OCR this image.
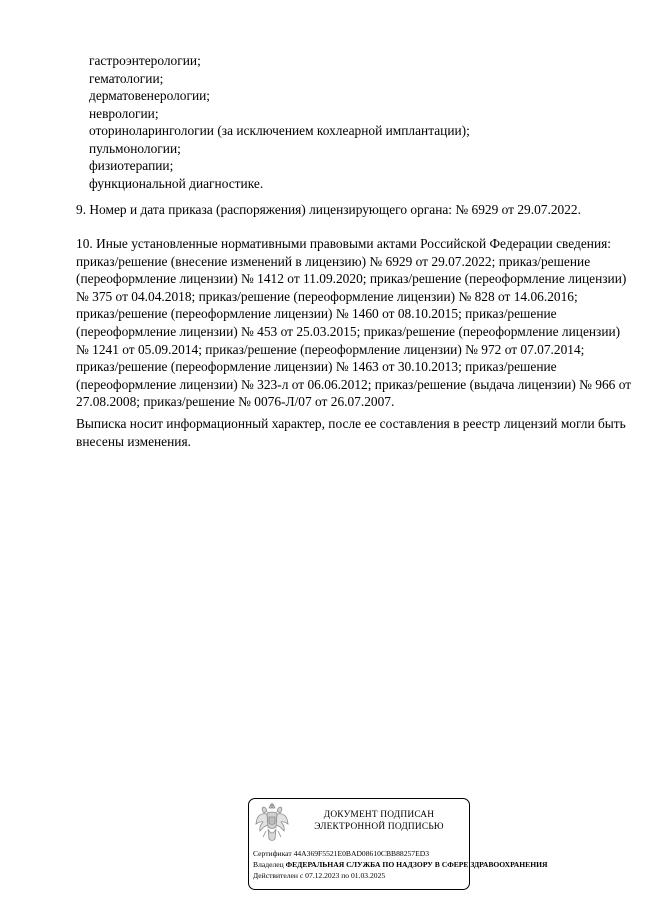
гастроэнтерологии;
гематологии;
дерматовенерологии;
неврологии;
оториноларингологии (за исключением кохлеарной имплантации);
пульмонологии;
физиотерапии;
функциональной диагностике.

9. Номер и дата приказа (распоряжения) лицензирующего органа: № 6929 от 29.07.2022.

10. Иные установленные нормативными правовыми актами Российской Федерации сведения:
приказ/решение (внесение изменений в лицензию) № 6929 от 29.07.2022; приказ/решение
(переоформление лицензии) № 1412 от 11.09.2020; приказ/решение (переоформление лицензии)
№ 375 от 04.04.2018; приказ/решение (переоформление лицензии) № 828 от 14.06.2016;
приказ/решение (переоформление лицензии) № 1460 от 08.10.2015; приказ/решение
(переоформление лицензии) № 453 от 25.03.2015; приказ/решение (переоформление лицензии)
№ 1241 от 05.09.2014; приказ/решение (переоформление лицензии) № 972 от 07.07.2014;
приказ/решение (переоформление лицензии) № 1463 от 30.10.2013; приказ/решение
(переоформление лицензии) № 323-л от 06.06.2012; приказ/решение (выдача лицензии) № 966 от
27.08.2008; приказ/решение № 0076-Л/07 от 26.07.2007.

Выписка носит информационный характер, после ее составления в реестр лицензий могли быть внесены изменения.

ДОКУМЕНТ ПОДПИСАН
ЭЛЕКТРОННОЙ ПОДПИСЬЮ
Сертификат 44A369F5521E0BAD08610CBB88257ED3
Владелец ФЕДЕРАЛЬНАЯ СЛУЖБА ПО НАДЗОРУ В СФЕРЕ ЗДРАВООХРАНЕНИЯ
Действителен с 07.12.2023 по 01.03.2025
